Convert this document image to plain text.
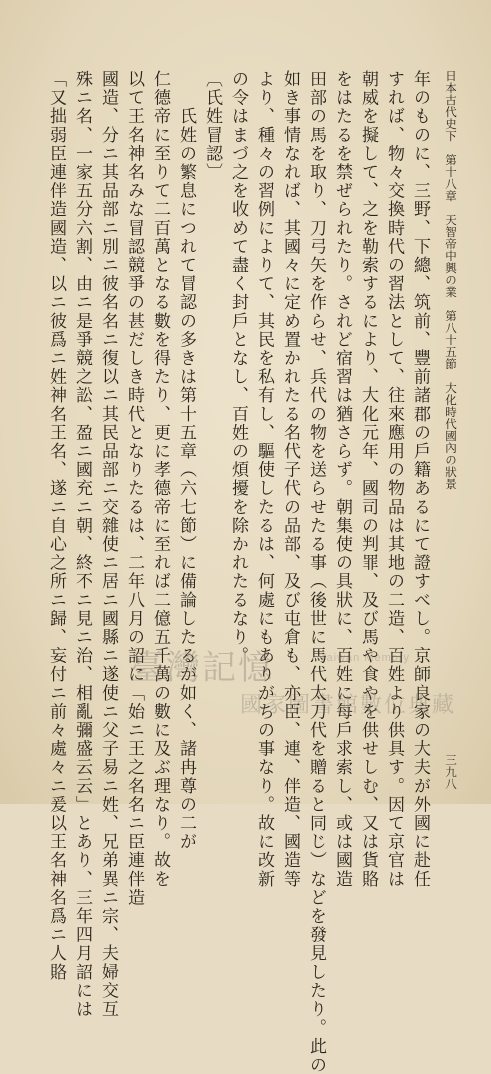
日本古代史下　第十八章　天智帝中興の業　第八十五節　大化時代國內の狀景
三九八
年のものに、三野、下總、筑前、豐前諸郡の戶籍あるにて證すべし。京師良家の大夫が外國に赴任
すれば、物々交換時代の習法として、往來應用の物品は其地の二造、百姓より供具す。因て京官は
朝威を擬して、之を勒索するにより、大化元年、國司の判罪、及び馬や食やを供せしむ、又は貨賂
をはたるを禁ぜられたり。されど宿習は猶さらず。朝集使の具狀に、百姓に每戶求索し、或は國造
田部の馬を取り、刀弓矢を作らせ、兵代の物を送らせたる事（後世に馬代太刀代を贈ると同じ）などを發見したり。此の
如き事情なれば、其國々に定め置かれたる名代子代の品部、及び屯倉も、亦臣、連、伴造、國造等
より、種々の習例によりて、其民を私有し、驅使したるは、何處にもありがちの事なり。故に改新
の令はまづ之を收めて盡く封戶となし、百姓の煩擾を除かれたるなり。
〔氏姓冒認〕
　　氏姓の繁息につれて冒認の多きは第十五章（六七節）に備論したるが如く、諸冉尊の二が
仁德帝に至りて二百萬となる數を得たり、更に孝德帝に至れば二億五千萬の數に及ぶ理なり。故を
以て王名神名みな冒認競爭の甚だしき時代となりたるは、二年八月の詔に「始ニ王之名名ニ臣連伴造
國造、分ニ其品部ニ別ニ彼名名ニ復以ニ其民品部ニ交雜使ニ居ニ國縣ニ遂使ニ父子易ニ姓、兄弟異ニ宗、夫婦交互
殊ニ名、一家五分六割、由ニ是爭競之訟、盈ニ國充ニ朝、終不ニ見ニ治、相亂彌盛云云」とあり、三年四月詔には
「又拙弱臣連伴造國造、以ニ彼爲ニ姓神名王名、遂ニ自心之所ニ歸、妄付ニ前々處々ニ爰以王名神名爲ニ人賂 臺灣記憶	Taiwan Memory
國家圖書館數位典藏
